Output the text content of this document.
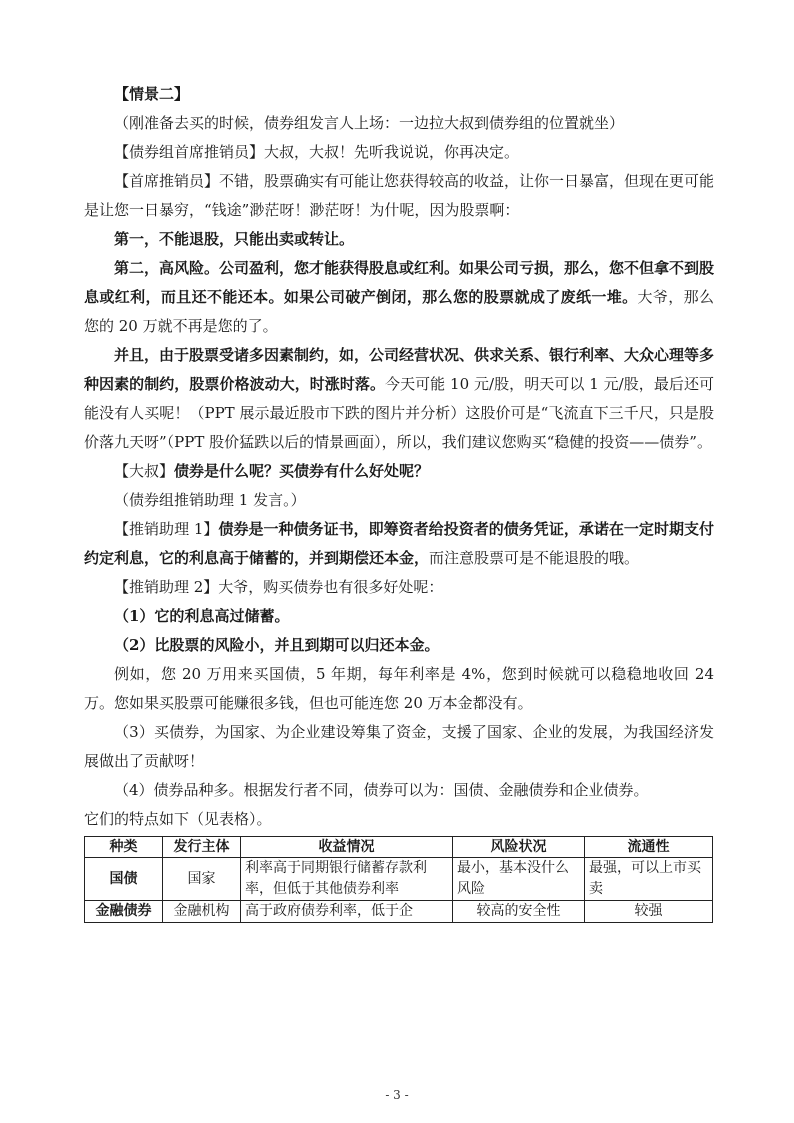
【情景二】

（刚准备去买的时候，债券组发言人上场：一边拉大叔到债券组的位置就坐）

【债券组首席推销员】大叔，大叔！先听我说说，你再决定。

【首席推销员】不错，股票确实有可能让您获得较高的收益，让你一日暴富，但现在更可能是让您一日暴穷，“钱途”渺茫呀！渺茫呀！为什呢，因为股票啊：

第一，不能退股，只能出卖或转让。

第二，高风险。公司盈利，您才能获得股息或红利。如果公司亏损，那么，您不但拿不到股息或红利，而且还不能还本。如果公司破产倒闭，那么您的股票就成了废纸一堆。大爷，那么您的 20 万就不再是您的了。

并且，由于股票受诸多因素制约，如，公司经营状况、供求关系、银行利率、大众心理等多种因素的制约，股票价格波动大，时涨时落。今天可能 10 元/股，明天可以 1 元/股，最后还可能没有人买呢！（PPT 展示最近股市下跌的图片并分析）这股价可是“飞流直下三千尺，只是股价落九天呀”（PPT 股价猛跌以后的情景画面），所以，我们建议您购买“稳健的投资——债券”。

【大叔】债券是什么呢？买债券有什么好处呢？

（债券组推销助理 1 发言。）

【推销助理 1】债券是一种债务证书，即筹资者给投资者的债务凭证，承诺在一定时期支付约定利息，它的利息高于储蓄的，并到期偿还本金，而注意股票可是不能退股的哦。

【推销助理 2】大爷，购买债券也有很多好处呢：

（1）它的利息高过储蓄。

（2）比股票的风险小，并且到期可以归还本金。

例如，您 20 万用来买国债，5 年期，每年利率是 4%，您到时候就可以稳稳地收回 24 万。您如果买股票可能赚很多钱，但也可能连您 20 万本金都没有。

（3）买债券，为国家、为企业建设筹集了资金，支援了国家、企业的发展，为我国经济发展做出了贡献呀！

（4）债券品种多。根据发行者不同，债券可以为：国债、金融债券和企业债券。

它们的特点如下（见表格）。

种类	发行主体	收益情况	风险状况	流通性
国债	国家	利率高于同期银行储蓄存款利率，但低于其他债券利率	最小，基本没什么风险	最强，可以上市买卖
金融债券	金融机构	高于政府债券利率，低于企	较高的安全性	较强
- 3 -
